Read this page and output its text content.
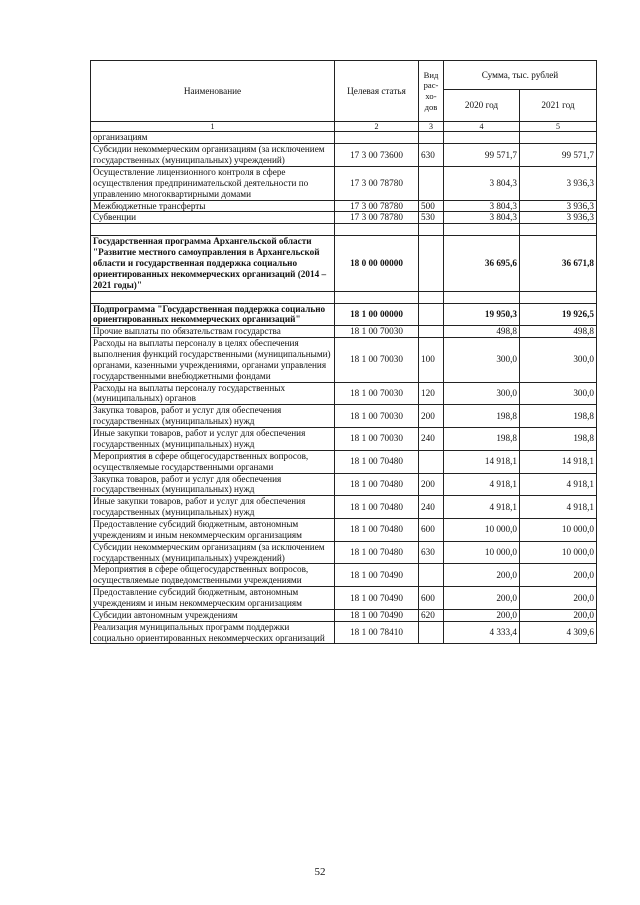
Наименование	Целевая статья	Вид рас-хо-дов	Сумма, тыс. рублей	
			2020 год	2021 год
1	2	3	4	5
организациям				
Субсидии некоммерческим организациям (за исключением государственных (муниципальных) учреждений)	17 3 00 73600	630	99 571,7	99 571,7
Осуществление лицензионного контроля в сфере осуществления предпринимательской деятельности по управлению многоквартирными домами	17 3 00 78780		3 804,3	3 936,3
Межбюджетные трансферты	17 3 00 78780	500	3 804,3	3 936,3
Субвенции	17 3 00 78780	530	3 804,3	3 936,3

Государственная программа Архангельской области "Развитие местного самоуправления в Архангельской области и государственная поддержка социально ориентированных некоммерческих организаций (2014 – 2021 годы)"	18 0 00 00000		36 695,6	36 671,8

Подпрограмма "Государственная поддержка социально ориентированных некоммерческих организаций"	18 1 00 00000		19 950,3	19 926,5
Прочие выплаты по обязательствам государства	18 1 00 70030		498,8	498,8
Расходы на выплаты персоналу в целях обеспечения выполнения функций государственными (муниципальными) органами, казенными учреждениями, органами управления государственными внебюджетными фондами	18 1 00 70030	100	300,0	300,0
Расходы на выплаты персоналу государственных (муниципальных) органов	18 1 00 70030	120	300,0	300,0
Закупка товаров, работ и услуг для обеспечения государственных (муниципальных) нужд	18 1 00 70030	200	198,8	198,8
Иные закупки товаров, работ и услуг для обеспечения государственных (муниципальных) нужд	18 1 00 70030	240	198,8	198,8
Мероприятия в сфере общегосударственных вопросов, осуществляемые государственными органами	18 1 00 70480		14 918,1	14 918,1
Закупка товаров, работ и услуг для обеспечения государственных (муниципальных) нужд	18 1 00 70480	200	4 918,1	4 918,1
Иные закупки товаров, работ и услуг для обеспечения государственных (муниципальных) нужд	18 1 00 70480	240	4 918,1	4 918,1
Предоставление субсидий бюджетным, автономным учреждениям и иным некоммерческим организациям	18 1 00 70480	600	10 000,0	10 000,0
Субсидии некоммерческим организациям (за исключением государственных (муниципальных) учреждений)	18 1 00 70480	630	10 000,0	10 000,0
Мероприятия в сфере общегосударственных вопросов, осуществляемые подведомственными учреждениями	18 1 00 70490		200,0	200,0
Предоставление субсидий бюджетным, автономным учреждениям и иным некоммерческим организациям	18 1 00 70490	600	200,0	200,0
Субсидии автономным учреждениям	18 1 00 70490	620	200,0	200,0
Реализация муниципальных программ поддержки социально ориентированных некоммерческих организаций	18 1 00 78410		4 333,4	4 309,6
52
